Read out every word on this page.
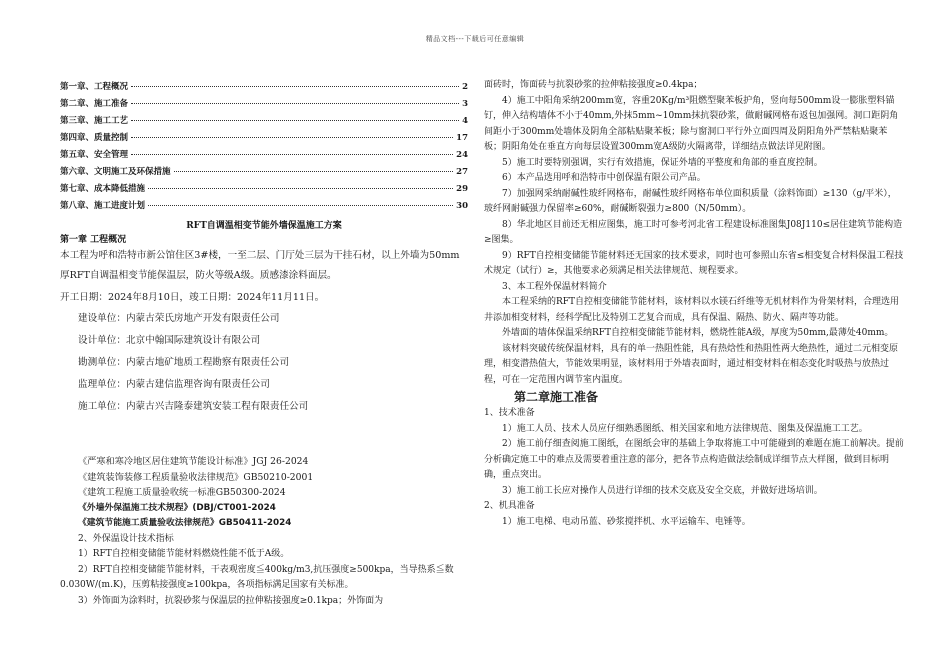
精品文档---下载后可任意编辑
第一章、工程概况	2
第二章、施工准备	3
第三章、施工工艺	4
第四章、质量控制	17
第五章、安全管理	24
第六章、文明施工及环保措施	27
第七章、成本降低措施	29
第八章、施工进度计划	30
RFT自调温相变节能外墙保温施工方案
第一章 工程概况
本工程为呼和浩特市新公馆住区3#楼，一至二层、门厅处三层为干挂石材，以上外墙为50mm厚RFT自调温相变节能保温层，防火等级A级。质感漆涂料面层。
开工日期：2024年8月10日，竣工日期：2024年11月11日。
建设单位：内蒙古荣氏房地产开发有限责任公司
设计单位：北京中翰国际建筑设计有限公司
勘测单位：内蒙古地矿地质工程勘察有限责任公司
监理单位：内蒙古建信监理咨询有限责任公司
施工单位：内蒙古兴吉隆泰建筑安装工程有限责任公司
《严寒和寒冷地区居住建筑节能设计标准》JGJ 26-2024
《建筑装饰装修工程质量验收法律规范》GB50210-2001
《建筑工程施工质量验收统一标准GB50300-2024
《外墙外保温施工技术规程》(DBJ/CT001-2024
《建筑节能施工质量验收法律规范》GB50411-2024
2、外保温设计技术指标
1）RFT自控相变储能节能材料燃烧性能不低于A级。
2）RFT自控相变储能节能材料，干表观密度≦400kg/m3,抗压强度≥500kpa，当导热系≦数0.030W/(m.K)，压剪粘接强度≥100kpa，各项指标满足国家有关标准。
3）外饰面为涂料时，抗裂砂浆与保温层的拉伸粘接强度≥0.1kpa；外饰面为
面砖时，饰面砖与抗裂砂浆的拉伸粘接强度≥0.4kpa；
4）施工中阳角采纳200mm宽，容重20Kg/m³阻燃型聚苯板护角，竖向每500mm设一膨胀塑料锚钉，伸入结构墙体不小于40mm,外抹5mm~10mm抹抗裂砂浆，做耐碱网格布返包加强网。洞口距阴角间距小于300mm处墙体及阴角全部粘贴聚苯板；除与窗洞口平行外立面四周及阴阳角外严禁粘贴聚苯板；阴阳角处在垂直方向每层设置300mm宽A级防火隔离带，详细结点做法详见附图。
5）施工时要特别强调，实行有效措施，保证外墙的平整度和角部的垂直度控制。
6）本产品选用呼和浩特市中创保温有限公司产品。
7）加强网采纳耐碱性玻纤网格布，耐碱性玻纤网格布单位面积质量（涂料饰面）≥130（g/平米），玻纤网耐碱强力保留率≥60%，耐碱断裂强力≥800（N/50mm）。
8）华北地区目前还无相应图集，施工时可参考河北省工程建设标准图集J08J110≤居住建筑节能构造≥图集。
9）RFT自控相变储能节能材料还无国家的技术要求，同时也可参照山东省≤相变复合材料保温工程技术规定（试行）≥，其他要求必须满足相关法律规范、规程要求。
3、本工程外保温材料简介
本工程采纳的RFT自控相变储能节能材料，该材料以水镁石纤维等无机材料作为骨架材料，合理选用井添加相变材料，经科学配比及特别工艺复合而成，具有保温、隔热、防火、隔声等功能。
外墙面的墙体保温采纳RFT自控相变储能节能材料，燃烧性能A级，厚度为50mm,最薄处40mm。
该材料突破传统保温材料，具有的单一热阻性能，具有热焓性和热阻性两大绝热性，通过二元相变原理，相变潜热值大，节能效果明显，该材料用于外墙表面时，通过相变材料在相态变化时吸热与放热过程，可在一定范围内调节室内温度。
第二章施工准备
1、技术准备
1）施工人员、技术人员应仔细熟悉图纸、相关国家和地方法律规范、图集及保温施工工艺。
2）施工前仔细查阅施工图纸，在图纸会审的基础上争取将施工中可能碰到的难题在施工前解决。提前分析确定施工中的难点及需要着重注意的部分，把各节点构造做法绘制成详细节点大样图，做到目标明确，重点突出。
3）施工前工长应对操作人员进行详细的技术交底及安全交底，并做好进场培训。
2、机具准备
1）施工电梯、电动吊蓝、砂浆搅拌机、水平运输车、电锤等。
